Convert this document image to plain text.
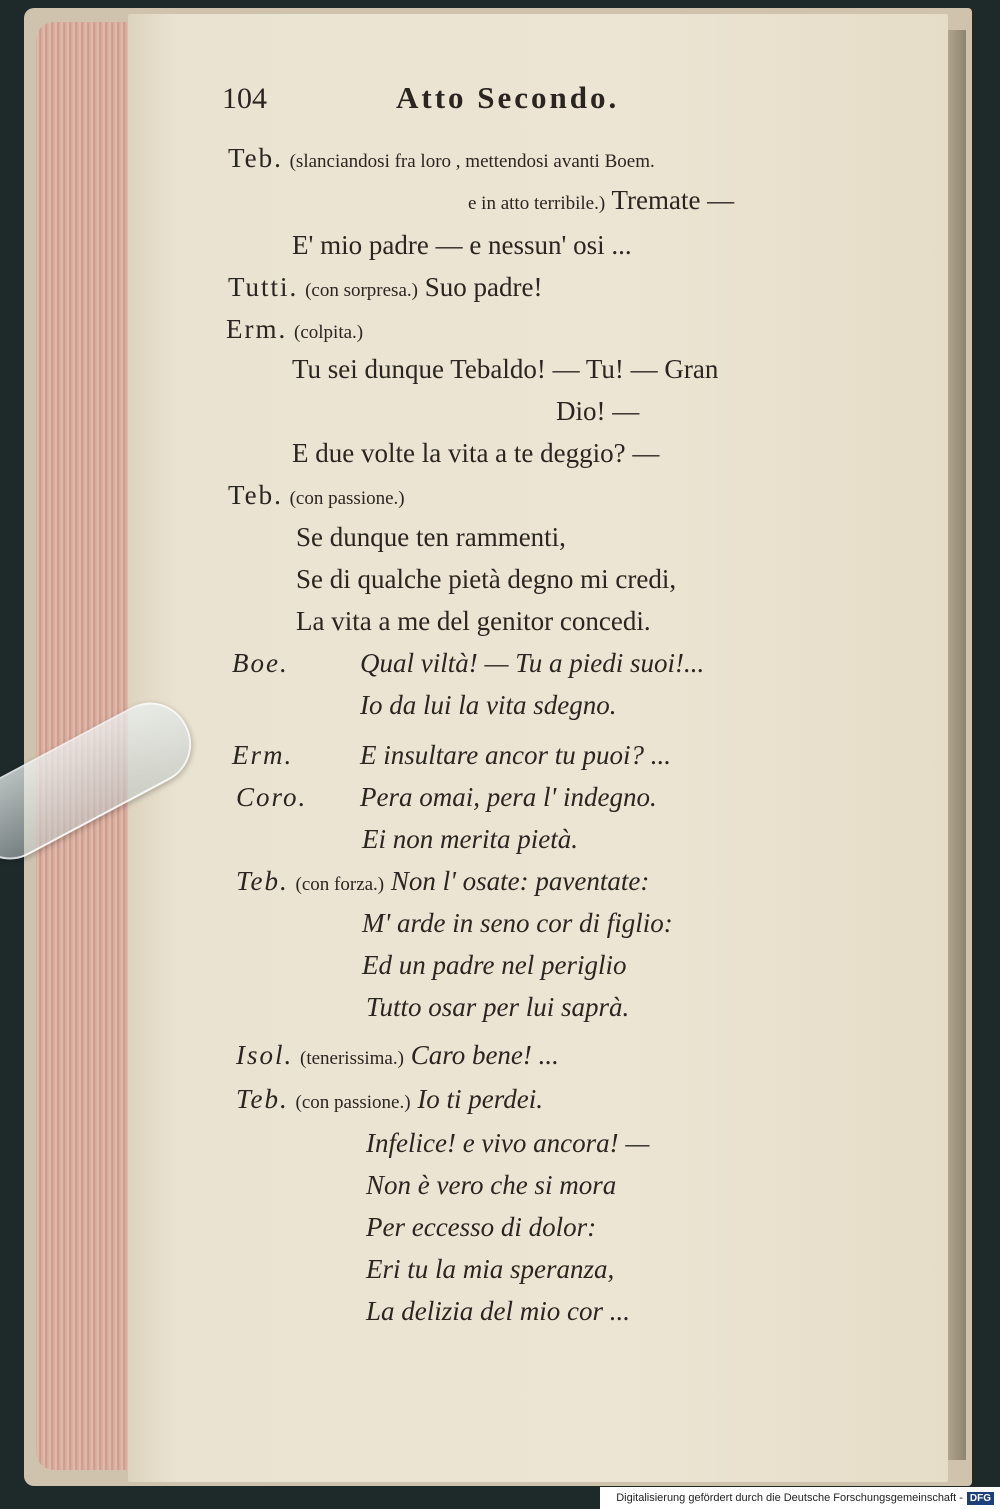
104	Atto Secondo.
Teb. (slanciandosi fra loro , mettendosi avanti Boem.
e in atto terribile.) Tremate —
E' mio padre — e nessun' osi ...
Tutti. (con sorpresa.) Suo padre!
Erm. (colpita.)
Tu sei dunque Tebaldo! — Tu! — Gran
Dio! —
E due volte la vita a te deggio? —
Teb. (con passione.)
Se dunque ten rammenti,
Se di qualche pietà degno mi credi,
La vita a me del genitor concedi.
Boe.	Qual viltà! — Tu a piedi suoi!...
Io da lui la vita sdegno.
Erm. E insultare ancor tu puoi? ...
Coro. Pera omai, pera l' indegno.
Ei non merita pietà.
Teb. (con forza.) Non l' osate: paventate:
M' arde in seno cor di figlio:
Ed un padre nel periglio
Tutto osar per lui saprà.
Isol. (tenerissima.) Caro bene! ...
Teb. (con passione.) Io ti perdei.
Infelice! e vivo ancora! —
Non è vero che si mora
Per eccesso di dolor:
Eri tu la mia speranza,
La delizia del mio cor ...
Digitalisierung gefördert durch die Deutsche Forschungsgemeinschaft - DFG
